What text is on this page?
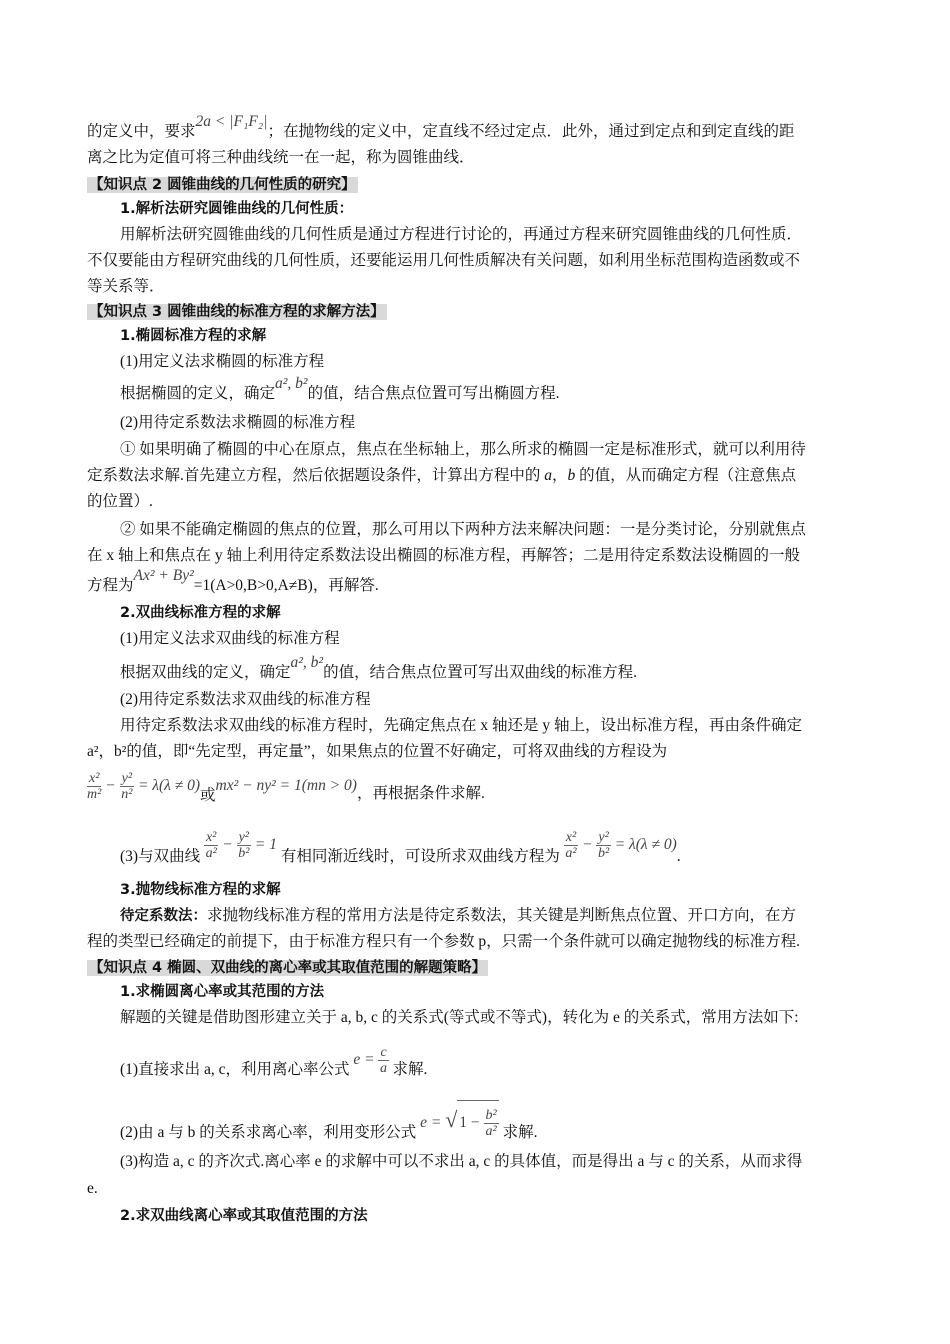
的定义中，要求2a < |F₁F₂|；在抛物线的定义中，定直线不经过定点．此外，通过到定点和到定直线的距
离之比为定值可将三种曲线统一在一起，称为圆锥曲线．
【知识点 2 圆锥曲线的几何性质的研究】
1.解析法研究圆锥曲线的几何性质：
用解析法研究圆锥曲线的几何性质是通过方程进行讨论的，再通过方程来研究圆锥曲线的几何性质．
不仅要能由方程研究曲线的几何性质，还要能运用几何性质解决有关问题，如利用坐标范围构造函数或不
等关系等．
【知识点 3 圆锥曲线的标准方程的求解方法】
1.椭圆标准方程的求解
(1)用定义法求椭圆的标准方程
根据椭圆的定义，确定a², b²的值，结合焦点位置可写出椭圆方程.
(2)用待定系数法求椭圆的标准方程
① 如果明确了椭圆的中心在原点，焦点在坐标轴上，那么所求的椭圆一定是标准形式，就可以利用待
定系数法求解.首先建立方程，然后依据题设条件，计算出方程中的 a，b 的值，从而确定方程（注意焦点
的位置）.
② 如果不能确定椭圆的焦点的位置，那么可用以下两种方法来解决问题：一是分类讨论，分别就焦点
在 x 轴上和焦点在 y 轴上利用待定系数法设出椭圆的标准方程，再解答；二是用待定系数法设椭圆的一般
方程为Ax² + By²=1(A>0,B>0,A≠B)，再解答.
2.双曲线标准方程的求解
(1)用定义法求双曲线的标准方程
根据双曲线的定义，确定a², b²的值，结合焦点位置可写出双曲线的标准方程.
(2)用待定系数法求双曲线的标准方程
用待定系数法求双曲线的标准方程时，先确定焦点在 x 轴还是 y 轴上，设出标准方程，再由条件确定
a²，b²的值，即“先定型，再定量”，如果焦点的位置不好确定，可将双曲线的方程设为
$\frac{\text{x²}}{\text{m²}} - \frac{\text{y²}}{\text{n²}} = \lambda(\lambda \ne 0)$或mx² − ny² = 1(mn > 0)，再根据条件求解.
(3)与双曲线 $\frac{\text{x²}}{\text{a²}} - \frac{\text{y²}}{\text{b²}} = 1$ 有相同渐近线时，可设所求双曲线方程为 $\frac{\text{x²}}{\text{a²}} - \frac{\text{y²}}{\text{b²}} = \lambda(\lambda \ne 0)$.
3.抛物线标准方程的求解
待定系数法：求抛物线标准方程的常用方法是待定系数法，其关键是判断焦点位置、开口方向，在方
程的类型已经确定的前提下，由于标准方程只有一个参数 p，只需一个条件就可以确定抛物线的标准方程.
【知识点 4 椭圆、双曲线的离心率或其取值范围的解题策略】
1.求椭圆离心率或其范围的方法
解题的关键是借助图形建立关于 a, b, c 的关系式(等式或不等式)，转化为 e 的关系式，常用方法如下:
(1)直接求出 a, c，利用离心率公式 $e = \frac{c}{a}$ 求解.
(2)由 a 与 b 的关系求离心率，利用变形公式 e = √ $1 - \frac{\text{b²}}{\text{a²}}$ 求解.
(3)构造 a, c 的齐次式.离心率 e 的求解中可以不求出 a, c 的具体值，而是得出 a 与 c 的关系，从而求得
e.
2.求双曲线离心率或其取值范围的方法
